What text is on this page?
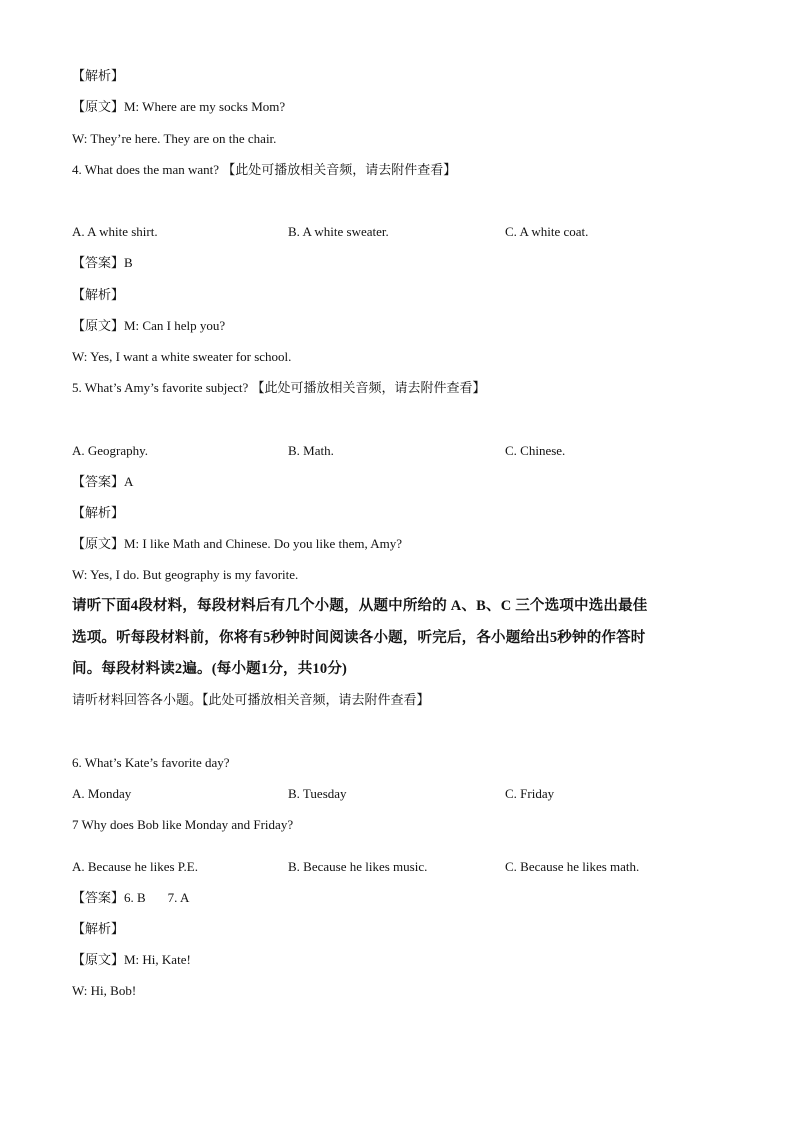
【解析】
【原文】M: Where are my socks Mom?
W: They’re here. They are on the chair.
4. What does the man want? 【此处可播放相关音频，请去附件查看】
A. A white shirt.	B. A white sweater.	C. A white coat.
【答案】B
【解析】
【原文】M: Can I help you?
W: Yes, I want a white sweater for school.
5. What’s Amy’s favorite subject? 【此处可播放相关音频，请去附件查看】
A. Geography.	B. Math.	C. Chinese.
【答案】A
【解析】
【原文】M: I like Math and Chinese. Do you like them, Amy?
W: Yes, I do. But geography is my favorite.
请听下面4段材料，每段材料后有几个小题，从题中所给的 A、B、C 三个选项中选出最佳
选项。听每段材料前，你将有5秒钟时间阅读各小题，听完后，各小题给出5秒钟的作答时
间。每段材料读2遍。(每小题1分，共10分)
请听材料回答各小题。【此处可播放相关音频，请去附件查看】
6. What’s Kate’s favorite day?
A. Monday	B. Tuesday	C. Friday
7 Why does Bob like Monday and Friday?
A. Because he likes P.E.	B. Because he likes music.	C. Because he likes math.
【答案】6. B 7. A
【解析】
【原文】M: Hi, Kate!
W: Hi, Bob!
